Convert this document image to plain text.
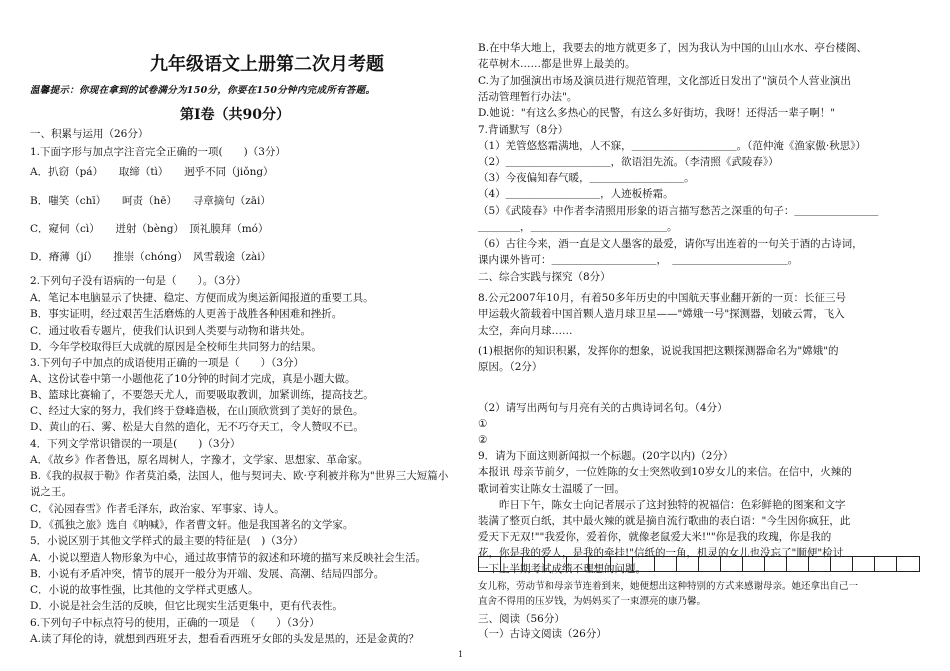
九年级语文上册第二次月考题
温馨提示：你现在拿到的试卷满分为150分，你要在150分钟内完成所有答题。
第Ⅰ卷（共90分）
一、积累与运用（26分）
1.下面字形与加点字注音完全正确的一项(　　)（3分）
A．扒窃（pá）　　取缔（tì）　　迥乎不同（jiǒng）
B．嗤笑（chī）　　呵责（hē）　　寻章摘句（zāi）
C．窥伺（cì）　　迸射（bèng）　顶礼膜拜（mó）
D．瘠薄（jí）　　推崇（chóng）　风雪载途（zài）
2.下列句子没有语病的一句是（　　）。（3分）
A．笔记本电脑显示了快捷、稳定、方便而成为奥运新闻报道的重要工具。
B．事实证明，经过艰苦生活磨炼的人更善于战胜各种困难和挫折。
C．通过收看专题片，使我们认识到人类要与动物和谐共处。
D．今年学校取得巨大成就的原因是全校师生共同努力的结果。
3.下列句子中加点的成语使用正确的一项是（　　）（3分）
A、这份试卷中第一小题他花了10分钟的时间才完成，真是小题大做。
B、篮球比赛输了，不要怨天尤人，而要吸取教训，加紧训练，提高技艺。
C、经过大家的努力，我们终于登峰造极，在山顶欣赏到了美好的景色。
D、黄山的石、雾、松是大自然的造化，无不巧夺天工，令人赞叹不已。
4．下列文学常识错误的一项是(　　)（3分）
A．《故乡》作者鲁迅，原名周树人，字豫才，文学家、思想家、革命家。
B.《我的叔叔于勒》作者莫泊桑，法国人，他与契诃夫、欧·亨利被并称为"世界三大短篇小
说之王。
C．《沁园春雪》作者毛泽东，政治家、军事家、诗人。
D．《孤独之旅》选自《呐喊》，作者曹文轩。他是我国著名的文学家。
5．小说区别于其他文学样式的最主要的特征是(　)（3分）
A．小说以塑造人物形象为中心，通过故事情节的叙述和环境的描写来反映社会生活。
B．小说有矛盾冲突，情节的展开一般分为开端、发展、高潮、结局四部分。
C．小说的故事性强，比其他的文学样式更感人。
D．小说是社会生活的反映，但它比现实生活更集中，更有代表性。
6.下列句子中标点符号的使用，正确的一项是　（　　）（3分）
A.读了拜伦的诗，就想到西班牙去，想看看西班牙女郎的头发是黑的，还是金黄的？
B.在中华大地上，我要去的地方就更多了，因为我认为中国的山山水水、亭台楼阁、
花草树木……都是世界上最美的。
C.为了加强演出市场及演员进行规范管理，文化部近日发出了"演员个人营业演出
活动管理暂行办法"。
D.她说："有这么多热心的民警，有这么多好街坊，我呀！还得活一辈子啊！"
7.背诵默写（8分）
（1）羌管悠悠霜满地，人不寐，＿＿＿＿＿＿＿＿＿＿。（范仲淹《渔家傲·秋思》）
（2）＿＿＿＿＿＿＿＿＿＿，欲语泪先流。（李清照《武陵春》）
（3）今夜偏知春气暖，＿＿＿＿＿＿＿＿＿。
（4）＿＿＿＿＿＿＿＿＿，人迹板桥霜。
（5）《武陵春》中作者李清照用形象的语言描写愁苦之深重的句子：＿＿＿＿＿＿＿＿
＿＿＿＿，＿＿＿＿＿＿＿＿＿＿＿＿＿。
（6）古往今来，酒一直是文人墨客的最爱，请你写出连着的一句关于酒的古诗词，
课内课外皆可：＿＿＿＿＿＿＿＿＿＿，　＿＿＿＿＿＿＿＿＿＿＿。
二、综合实践与探究（8分）
8.公元2007年10月，有着50多年历史的中国航天事业翻开新的一页：长征三号
甲运载火箭载着中国首颗人造月球卫星——"嫦娥一号"探测器，划破云霄，飞入
太空，奔向月球……
(1)根据你的知识积累，发挥你的想象，说说我国把这颗探测器命名为"嫦娥"的
原因。（2分）
（2）请写出两句与月亮有关的古典诗词名句。（4分）
①
②
9．请为下面这则新闻拟一个标题。(20字以内)（2分）
本报讯 母亲节前夕，一位姓陈的女士突然收到10岁女儿的来信。在信中，火辣的
歌词着实让陈女士温暖了一回。
　　昨日下午，陈女士向记者展示了这封独特的祝福信：色彩鲜艳的图案和文字
装满了整页白纸，其中最火辣的就是摘自流行歌曲的表白语："今生因你疯狂，此
爱天下无双!""我爱你，爱着你，就像老鼠爱大米!""你是我的玫瑰，你是我的
花，你是我的爱人，是我的牵挂!"信纸的一角，机灵的女儿也没忘了"顺便"检讨
一下上半期考试成绩不理想的问题。
女儿称，劳动节和母亲节连着到来，她便想出这种特别的方式来感谢母亲。她还拿出自己一
直舍不得用的压岁钱，为妈妈买了一束漂亮的康乃馨。
三、阅读（56分）
（一）古诗文阅读（26分）
1
